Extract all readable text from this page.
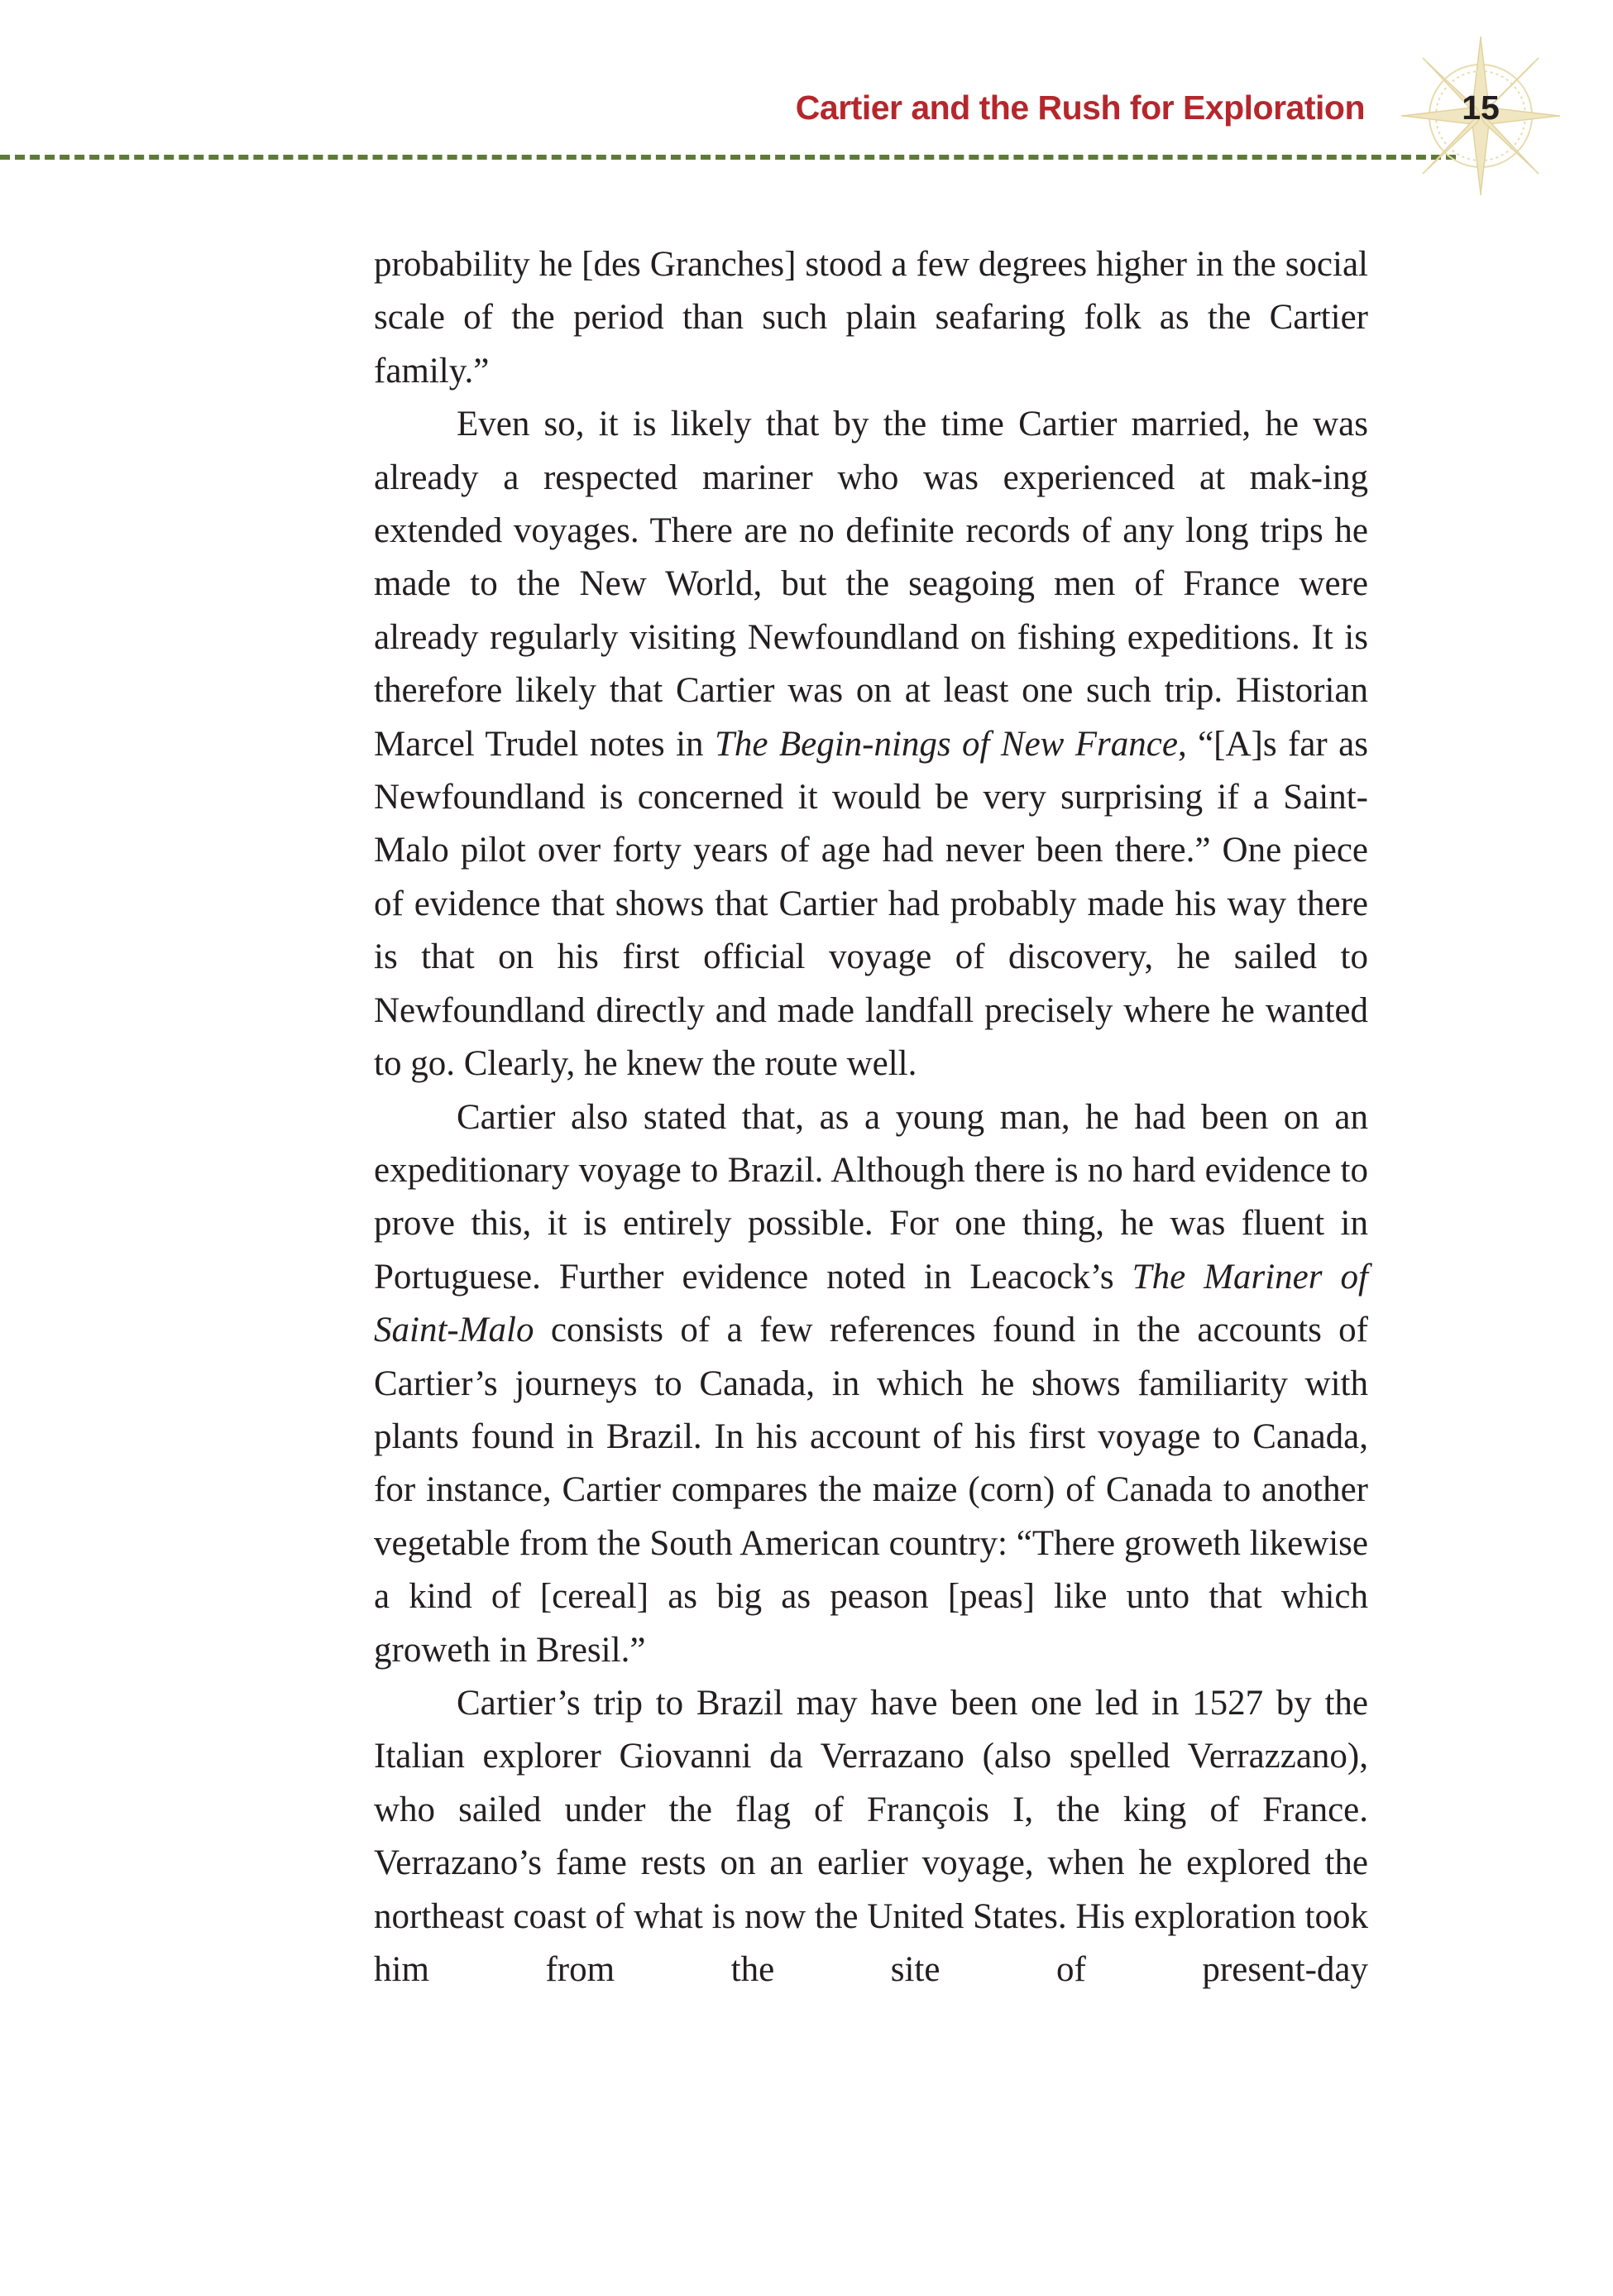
Cartier and the Rush for Exploration	15

probability he [des Granches] stood a few degrees higher in the social scale of the period than such plain seafaring folk as the Cartier family.”

Even so, it is likely that by the time Cartier married, he was already a respected mariner who was experienced at mak-ing extended voyages. There are no definite records of any long trips he made to the New World, but the seagoing men of France were already regularly visiting Newfoundland on fishing expeditions. It is therefore likely that Cartier was on at least one such trip. Historian Marcel Trudel notes in The Begin-nings of New France, “[A]s far as Newfoundland is concerned it would be very surprising if a Saint-Malo pilot over forty years of age had never been there.” One piece of evidence that shows that Cartier had probably made his way there is that on his first official voyage of discovery, he sailed to Newfoundland directly and made landfall precisely where he wanted to go. Clearly, he knew the route well.

Cartier also stated that, as a young man, he had been on an expeditionary voyage to Brazil. Although there is no hard evidence to prove this, it is entirely possible. For one thing, he was fluent in Portuguese. Further evidence noted in Leacock’s The Mariner of Saint-Malo consists of a few references found in the accounts of Cartier’s journeys to Canada, in which he shows familiarity with plants found in Brazil. In his account of his first voyage to Canada, for instance, Cartier compares the maize (corn) of Canada to another vegetable from the South American country: “There groweth likewise a kind of [cereal] as big as peason [peas] like unto that which groweth in Bresil.”

Cartier’s trip to Brazil may have been one led in 1527 by the Italian explorer Giovanni da Verrazano (also spelled Verrazzano), who sailed under the flag of François I, the king of France. Verrazano’s fame rests on an earlier voyage, when he explored the northeast coast of what is now the United States. His exploration took him from the site of present-day
